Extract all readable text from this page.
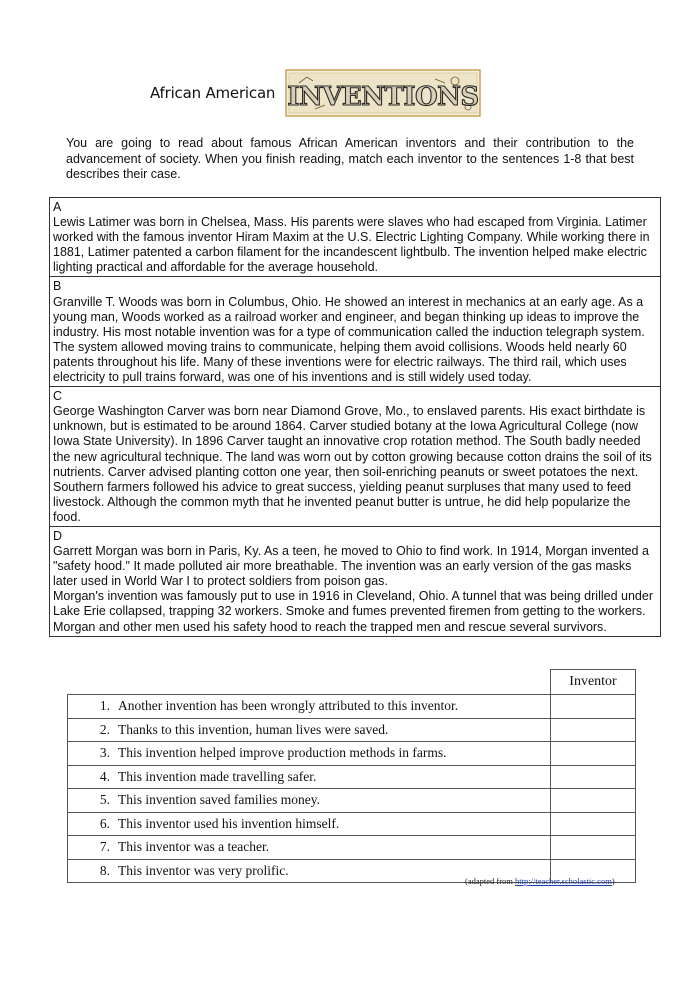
African American INVENTIONS
You are going to read about famous African American inventors and their contribution to the advancement of society. When you finish reading, match each inventor to the sentences 1-8 that best describes their case.
A
Lewis Latimer was born in Chelsea, Mass. His parents were slaves who had escaped from Virginia. Latimer worked with the famous inventor Hiram Maxim at the U.S. Electric Lighting Company. While working there in 1881, Latimer patented a carbon filament for the incandescent lightbulb. The invention helped make electric lighting practical and affordable for the average household.
B
Granville T. Woods was born in Columbus, Ohio. He showed an interest in mechanics at an early age. As a young man, Woods worked as a railroad worker and engineer, and began thinking up ideas to improve the industry. His most notable invention was for a type of communication called the induction telegraph system. The system allowed moving trains to communicate, helping them avoid collisions. Woods held nearly 60 patents throughout his life. Many of these inventions were for electric railways. The third rail, which uses electricity to pull trains forward, was one of his inventions and is still widely used today.
C
George Washington Carver was born near Diamond Grove, Mo., to enslaved parents. His exact birthdate is unknown, but is estimated to be around 1864. Carver studied botany at the Iowa Agricultural College (now Iowa State University). In 1896 Carver taught an innovative crop rotation method. The South badly needed the new agricultural technique. The land was worn out by cotton growing because cotton drains the soil of its nutrients. Carver advised planting cotton one year, then soil-enriching peanuts or sweet potatoes the next. Southern farmers followed his advice to great success, yielding peanut surpluses that many used to feed livestock. Although the common myth that he invented peanut butter is untrue, he did help popularize the food.
D
Garrett Morgan was born in Paris, Ky. As a teen, he moved to Ohio to find work. In 1914, Morgan invented a "safety hood." It made polluted air more breathable. The invention was an early version of the gas masks later used in World War I to protect soldiers from poison gas.
Morgan's invention was famously put to use in 1916 in Cleveland, Ohio. A tunnel that was being drilled under Lake Erie collapsed, trapping 32 workers. Smoke and fumes prevented firemen from getting to the workers. Morgan and other men used his safety hood to reach the trapped men and rescue several survivors.
		Inventor
1.	Another invention has been wrongly attributed to this inventor.	
2.	Thanks to this invention, human lives were saved.	
3.	This invention helped improve production methods in farms.	
4.	This invention made travelling safer.	
5.	This invention saved families money.	
6.	This inventor used his invention himself.	
7.	This inventor was a teacher.	
8.	This inventor was very prolific.	
(adapted from http://teacher.scholastic.com)
